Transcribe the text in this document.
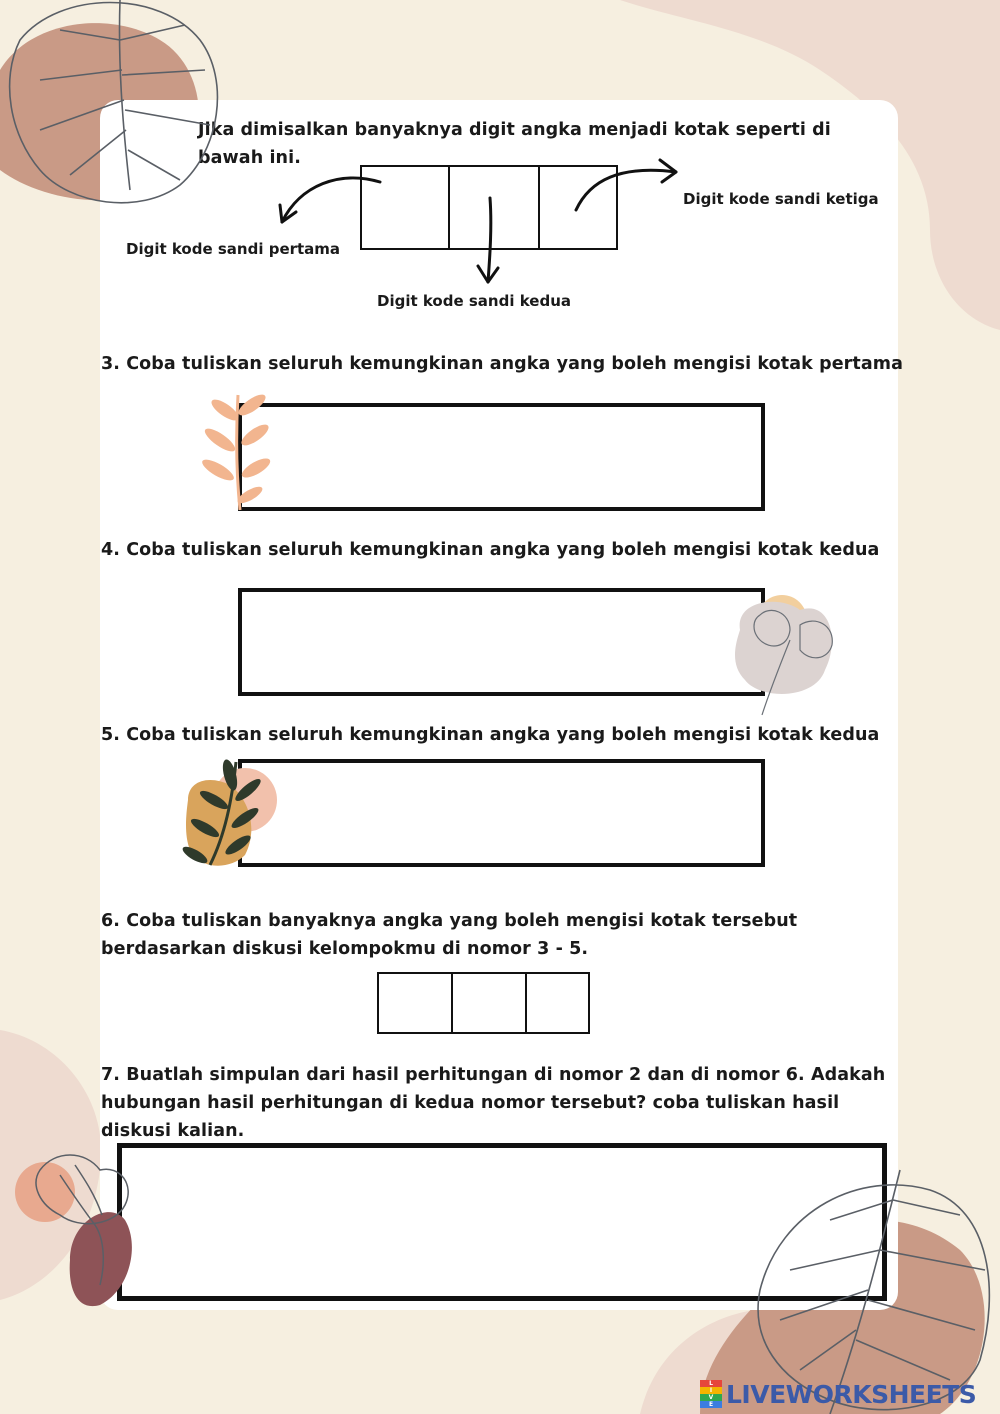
Jika dimisalkan banyaknya digit angka menjadi kotak seperti di
bawah ini.
Digit kode sandi pertama
Digit kode sandi kedua
Digit kode sandi ketiga
3. Coba tuliskan seluruh kemungkinan angka yang boleh mengisi kotak pertama
4. Coba tuliskan seluruh kemungkinan angka yang boleh mengisi kotak kedua
5. Coba tuliskan seluruh kemungkinan angka yang boleh mengisi kotak kedua
6. Coba tuliskan banyaknya angka yang boleh mengisi kotak tersebut
berdasarkan diskusi kelompokmu di nomor 3 - 5.
7. Buatlah simpulan dari hasil perhitungan di nomor 2 dan di nomor 6. Adakah
hubungan hasil perhitungan di kedua nomor tersebut? coba tuliskan hasil
diskusi kalian.
L
I
V
E LIVEWORKSHEETS
